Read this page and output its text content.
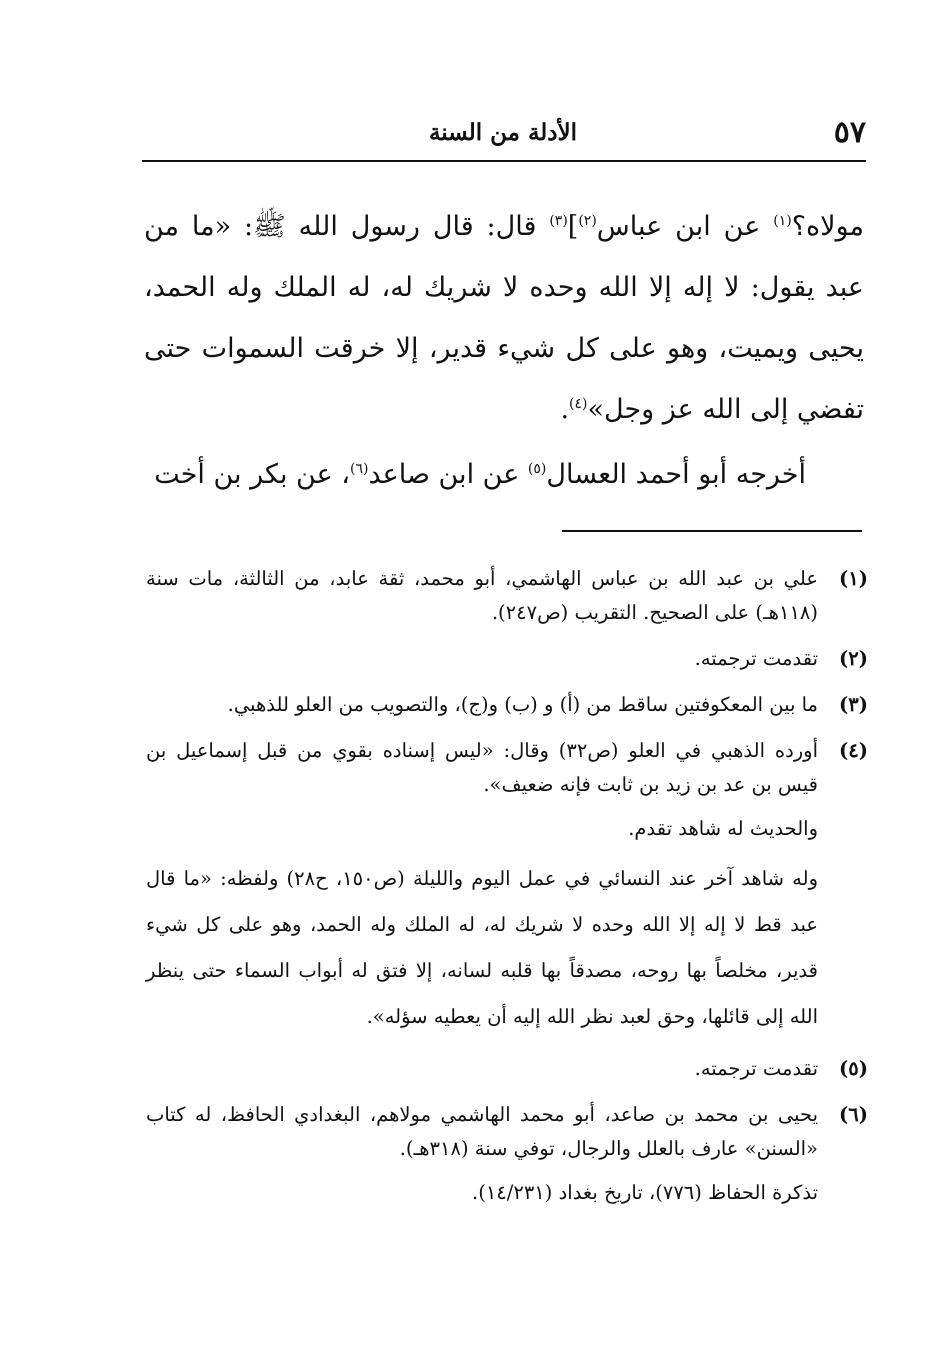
٥٧
الأدلة من السنة

مولاه؟$^{(١)}$ عن ابن عباس$^{(٢)}$]$^{(٣)}$ قال: قال رسول الله ﷺ: «ما من عبد يقول: لا إله إلا الله وحده لا شريك له، له الملك وله الحمد، يحيى ويميت، وهو على كل شيء قدير، إلا خرقت السموات حتى تفضي إلى الله عز وجل»$^{(٤)}$.

أخرجه أبو أحمد العسال$^{(٥)}$ عن ابن صاعد$^{(٦)}$، عن بكر بن أخت

(١)
علي بن عبد الله بن عباس الهاشمي، أبو محمد، ثقة عابد، من الثالثة، مات سنة (١١٨هـ) على الصحيح. التقريب (ص٢٤٧).
(٢)
تقدمت ترجمته.
(٣)
ما بين المعكوفتين ساقط من (أ) و (ب) و(ج)، والتصويب من العلو للذهبي.
(٤)
أورده الذهبي في العلو (ص٣٢) وقال: «ليس إسناده بقوي من قبل إسماعيل بن قيس بن عد بن زيد بن ثابت فإنه ضعيف».
والحديث له شاهد تقدم.
وله شاهد آخر عند النسائي في عمل اليوم والليلة (ص١٥٠، ح٢٨) ولفظه: «ما قال عبد قط لا إله إلا الله وحده لا شريك له، له الملك وله الحمد، وهو على كل شيء قدير، مخلصاً بها روحه، مصدقاً بها قلبه لسانه، إلا فتق له أبواب السماء حتى ينظر الله إلى قائلها، وحق لعبد نظر الله إليه أن يعطيه سؤله».
(٥)
تقدمت ترجمته.
(٦)
يحيى بن محمد بن صاعد، أبو محمد الهاشمي مولاهم، البغدادي الحافظ، له كتاب «السنن» عارف بالعلل والرجال، توفي سنة (٣١٨هـ).
تذكرة الحفاظ (٧٧٦)، تاريخ بغداد (١٤/٢٣١).
